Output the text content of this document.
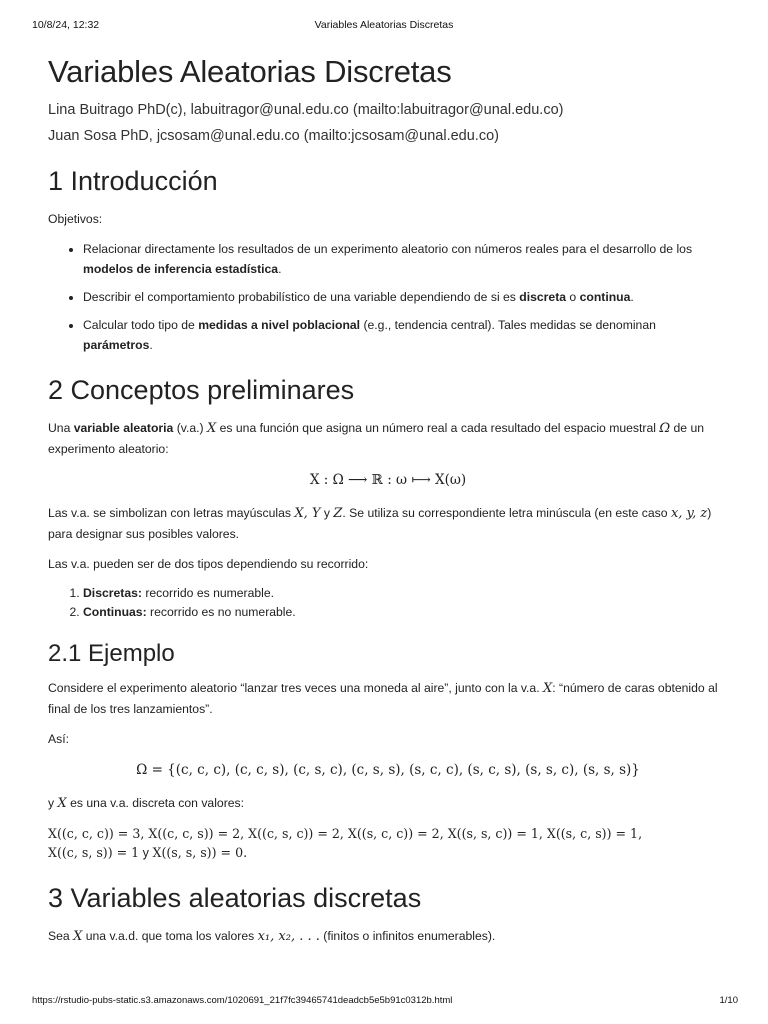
10/8/24, 12:32	Variables Aleatorias Discretas
Variables Aleatorias Discretas
Lina Buitrago PhD(c), labuitragor@unal.edu.co (mailto:labuitragor@unal.edu.co)
Juan Sosa PhD, jcsosam@unal.edu.co (mailto:jcsosam@unal.edu.co)
1 Introducción

Objetivos:

• Relacionar directamente los resultados de un experimento aleatorio con números reales para el desarrollo de los modelos de inferencia estadística.
• Describir el comportamiento probabilístico de una variable dependiendo de si es discreta o continua.
• Calcular todo tipo de medidas a nivel poblacional (e.g., tendencia central). Tales medidas se denominan parámetros.
2 Conceptos preliminares

Una variable aleatoria (v.a.) X es una función que asigna un número real a cada resultado del espacio muestral Ω de un experimento aleatorio:

X : Ω ⟶ ℝ : ω ⟼ X(ω)

Las v.a. se simbolizan con letras mayúsculas X, Y y Z. Se utiliza su correspondiente letra minúscula (en este caso x, y, z) para designar sus posibles valores.

Las v.a. pueden ser de dos tipos dependiendo su recorrido:

1. Discretas: recorrido es numerable.
2. Continuas: recorrido es no numerable.
2.1 Ejemplo

Considere el experimento aleatorio “lanzar tres veces una moneda al aire”, junto con la v.a. X: “número de caras obtenido al final de los tres lanzamientos”.

Así:

Ω = {(c, c, c), (c, c, s), (c, s, c), (c, s, s), (s, c, c), (s, c, s), (s, s, c), (s, s, s)}

y X es una v.a. discreta con valores:

X((c, c, c)) = 3, X((c, c, s)) = 2, X((c, s, c)) = 2, X((s, c, c)) = 2, X((s, s, c)) = 1, X((s, c, s)) = 1,
X((c, s, s)) = 1 y X((s, s, s)) = 0.
3 Variables aleatorias discretas

Sea X una v.a.d. que toma los valores x₁, x₂, . . . (finitos o infinitos enumerables).

https://rstudio-pubs-static.s3.amazonaws.com/1020691_21f7fc39465741deadcb5e5b91c0312b.html	1/10
